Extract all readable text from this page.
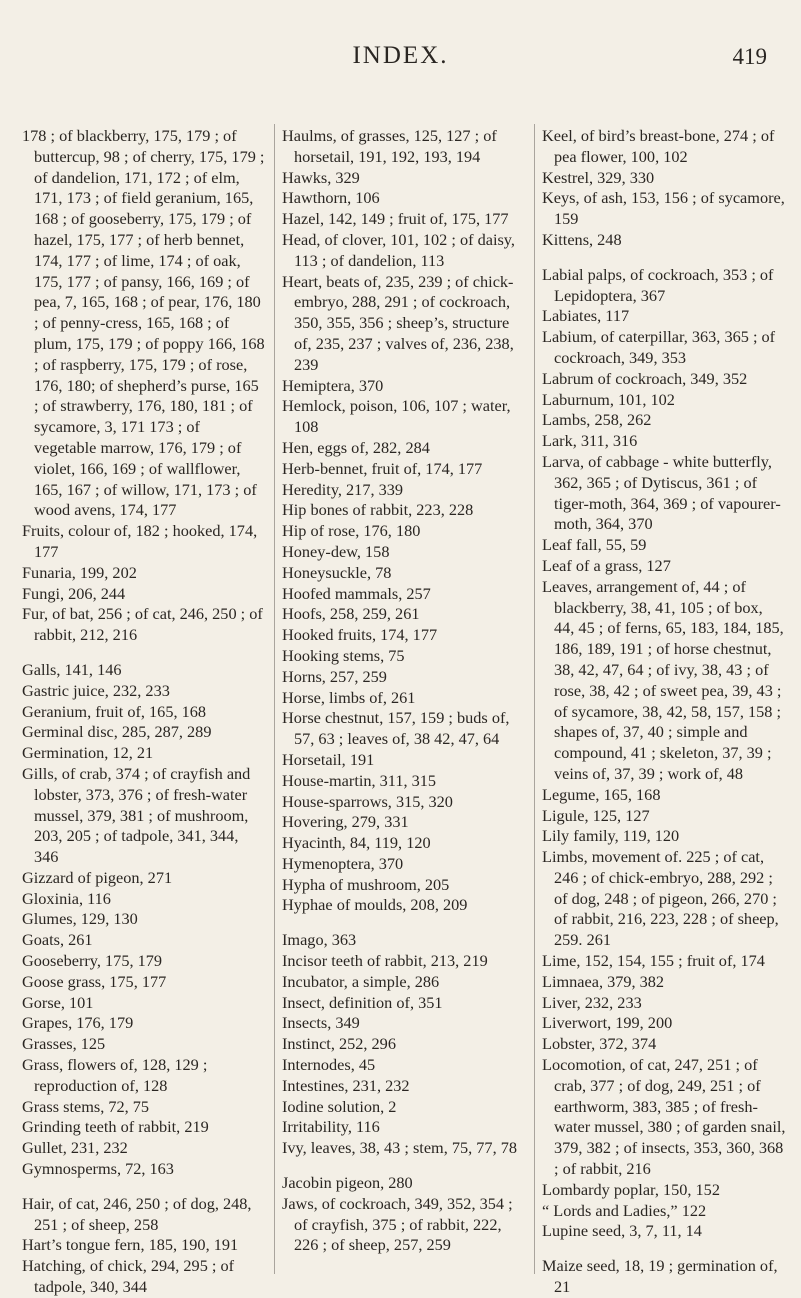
INDEX.	419
178 ; of blackberry, 175, 179 ; of buttercup, 98 ; of cherry, 175, 179 ; of dandelion, 171, 172 ; of elm, 171, 173 ; of field geranium, 165, 168 ; of gooseberry, 175, 179 ; of hazel, 175, 177 ; of herb bennet, 174, 177 ; of lime, 174 ; of oak, 175, 177 ; of pansy, 166, 169 ; of pea, 7, 165, 168 ; of pear, 176, 180 ; of penny-cress, 165, 168 ; of plum, 175, 179 ; of poppy 166, 168 ; of raspberry, 175, 179 ; of rose, 176, 180; of shepherd’s purse, 165 ; of strawberry, 176, 180, 181 ; of sycamore, 3, 171 173 ; of vegetable marrow, 176, 179 ; of violet, 166, 169 ; of wallflower, 165, 167 ; of willow, 171, 173 ; of wood avens, 174, 177
Fruits, colour of, 182 ; hooked, 174, 177
Funaria, 199, 202
Fungi, 206, 244
Fur, of bat, 256 ; of cat, 246, 250 ; of rabbit, 212, 216
Galls, 141, 146
Gastric juice, 232, 233
Geranium, fruit of, 165, 168
Germinal disc, 285, 287, 289
Germination, 12, 21
Gills, of crab, 374 ; of crayfish and lobster, 373, 376 ; of fresh-water mussel, 379, 381 ; of mushroom, 203, 205 ; of tadpole, 341, 344, 346
Gizzard of pigeon, 271
Gloxinia, 116
Glumes, 129, 130
Goats, 261
Gooseberry, 175, 179
Goose grass, 175, 177
Gorse, 101
Grapes, 176, 179
Grasses, 125
Grass, flowers of, 128, 129 ; reproduction of, 128
Grass stems, 72, 75
Grinding teeth of rabbit, 219
Gullet, 231, 232
Gymnosperms, 72, 163
Hair, of cat, 246, 250 ; of dog, 248, 251 ; of sheep, 258
Hart’s tongue fern, 185, 190, 191
Hatching, of chick, 294, 295 ; of tadpole, 340, 344
Haulms, of grasses, 125, 127 ; of horsetail, 191, 192, 193, 194
Hawks, 329
Hawthorn, 106
Hazel, 142, 149 ; fruit of, 175, 177
Head, of clover, 101, 102 ; of daisy, 113 ; of dandelion, 113
Heart, beats of, 235, 239 ; of chick-embryo, 288, 291 ; of cockroach, 350, 355, 356 ; sheep’s, structure of, 235, 237 ; valves of, 236, 238, 239
Hemiptera, 370
Hemlock, poison, 106, 107 ; water, 108
Hen, eggs of, 282, 284
Herb-bennet, fruit of, 174, 177
Heredity, 217, 339
Hip bones of rabbit, 223, 228
Hip of rose, 176, 180
Honey-dew, 158
Honeysuckle, 78
Hoofed mammals, 257
Hoofs, 258, 259, 261
Hooked fruits, 174, 177
Hooking stems, 75
Horns, 257, 259
Horse, limbs of, 261
Horse chestnut, 157, 159 ; buds of, 57, 63 ; leaves of, 38 42, 47, 64
Horsetail, 191
House-martin, 311, 315
House-sparrows, 315, 320
Hovering, 279, 331
Hyacinth, 84, 119, 120
Hymenoptera, 370
Hypha of mushroom, 205
Hyphae of moulds, 208, 209
Imago, 363
Incisor teeth of rabbit, 213, 219
Incubator, a simple, 286
Insect, definition of, 351
Insects, 349
Instinct, 252, 296
Internodes, 45
Intestines, 231, 232
Iodine solution, 2
Irritability, 116
Ivy, leaves, 38, 43 ; stem, 75, 77, 78
Jacobin pigeon, 280
Jaws, of cockroach, 349, 352, 354 ; of crayfish, 375 ; of rabbit, 222, 226 ; of sheep, 257, 259
Keel, of bird’s breast-bone, 274 ; of pea flower, 100, 102
Kestrel, 329, 330
Keys, of ash, 153, 156 ; of sycamore, 159
Kittens, 248
Labial palps, of cockroach, 353 ; of Lepidoptera, 367
Labiates, 117
Labium, of caterpillar, 363, 365 ; of cockroach, 349, 353
Labrum of cockroach, 349, 352
Laburnum, 101, 102
Lambs, 258, 262
Lark, 311, 316
Larva, of cabbage - white butterfly, 362, 365 ; of Dytiscus, 361 ; of tiger-moth, 364, 369 ; of vapourer-moth, 364, 370
Leaf fall, 55, 59
Leaf of a grass, 127
Leaves, arrangement of, 44 ; of blackberry, 38, 41, 105 ; of box, 44, 45 ; of ferns, 65, 183, 184, 185, 186, 189, 191 ; of horse chestnut, 38, 42, 47, 64 ; of ivy, 38, 43 ; of rose, 38, 42 ; of sweet pea, 39, 43 ; of sycamore, 38, 42, 58, 157, 158 ; shapes of, 37, 40 ; simple and compound, 41 ; skeleton, 37, 39 ; veins of, 37, 39 ; work of, 48
Legume, 165, 168
Ligule, 125, 127
Lily family, 119, 120
Limbs, movement of. 225 ; of cat, 246 ; of chick-embryo, 288, 292 ; of dog, 248 ; of pigeon, 266, 270 ; of rabbit, 216, 223, 228 ; of sheep, 259. 261
Lime, 152, 154, 155 ; fruit of, 174
Limnaea, 379, 382
Liver, 232, 233
Liverwort, 199, 200
Lobster, 372, 374
Locomotion, of cat, 247, 251 ; of crab, 377 ; of dog, 249, 251 ; of earthworm, 383, 385 ; of fresh-water mussel, 380 ; of garden snail, 379, 382 ; of insects, 353, 360, 368 ; of rabbit, 216
Lombardy poplar, 150, 152
“ Lords and Ladies,” 122
Lupine seed, 3, 7, 11, 14
Maize seed, 18, 19 ; germination of, 21
